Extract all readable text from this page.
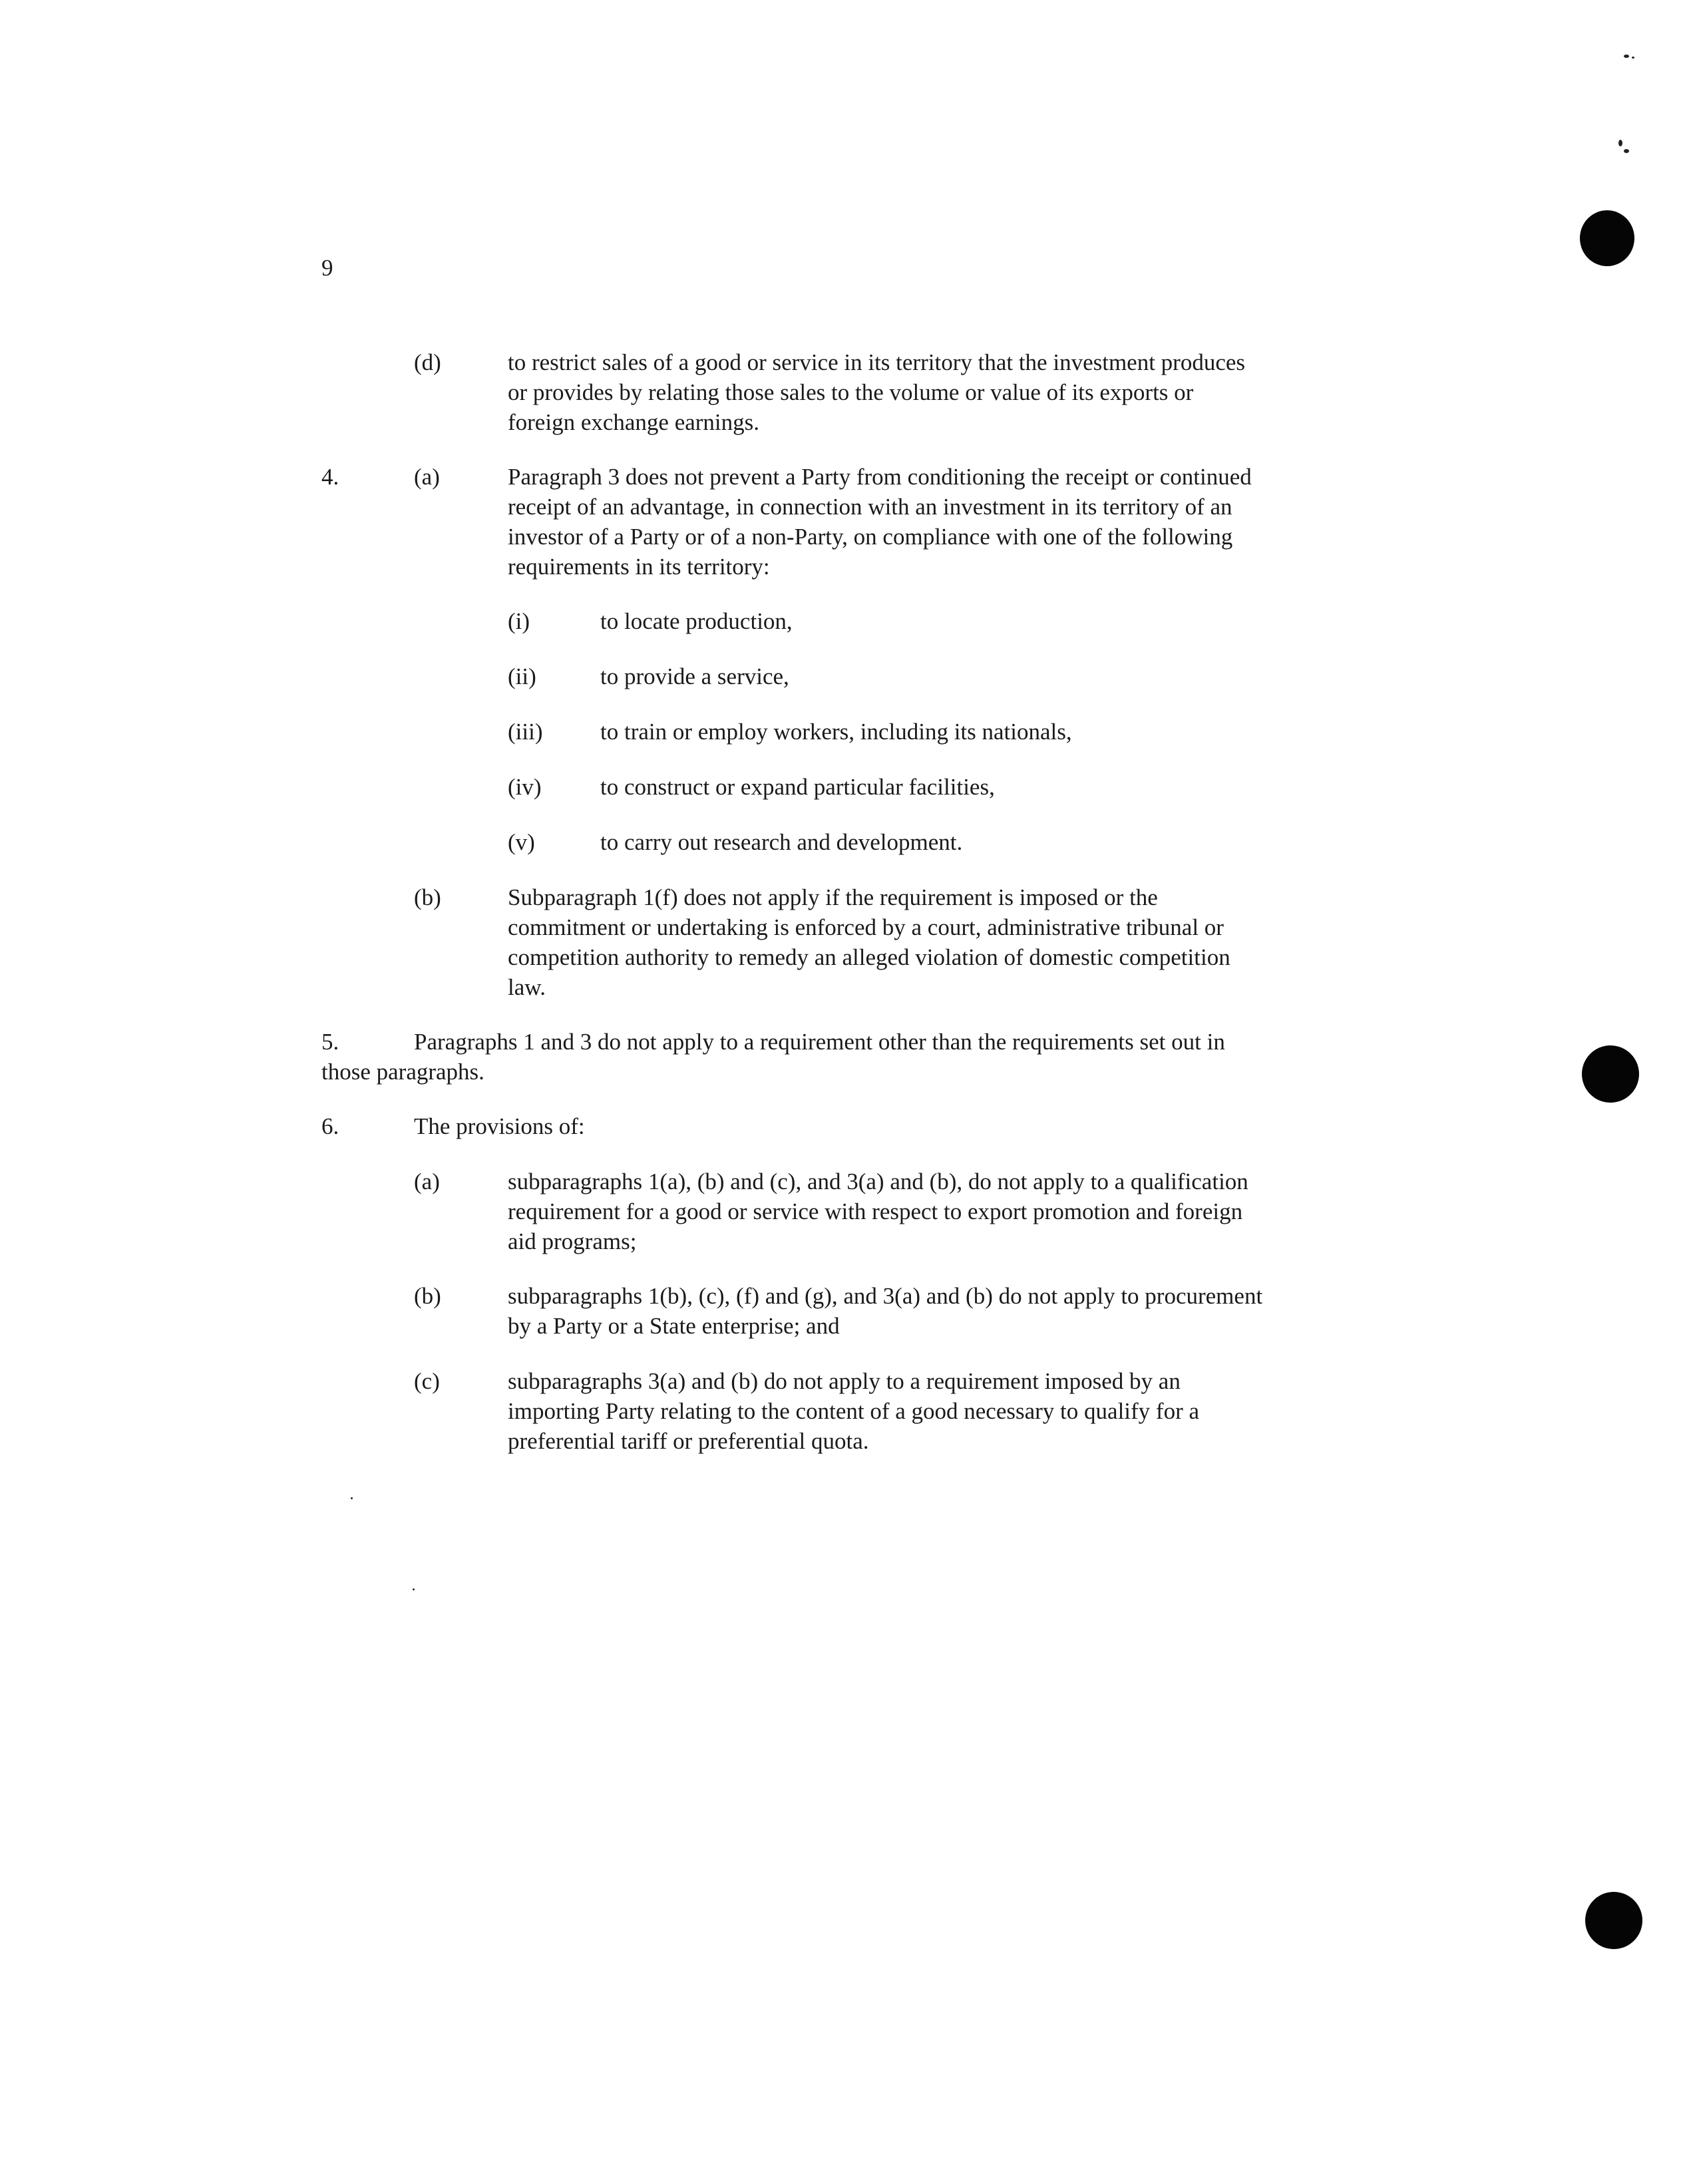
9
(d)	to restrict sales of a good or service in its territory that the investment produces
or provides by relating those sales to the volume or value of its exports or
foreign exchange earnings.
4.	(a)	Paragraph 3 does not prevent a Party from conditioning the receipt or continued
receipt of an advantage, in connection with an investment in its territory of an
investor of a Party or of a non-Party, on compliance with one of the following
requirements in its territory:
(i)	to locate production,
(ii)	to provide a service,
(iii) to train or employ workers, including its nationals,
(iv)	to construct or expand particular facilities,
(v)	to carry out research and development.
(b)	Subparagraph 1(f) does not apply if the requirement is imposed or the
commitment or undertaking is enforced by a court, administrative tribunal or
competition authority to remedy an alleged violation of domestic competition
law.
5.	Paragraphs 1 and 3 do not apply to a requirement other than the requirements set out in
those paragraphs.
6.	The provisions of:
(a)	subparagraphs 1(a), (b) and (c), and 3(a) and (b), do not apply to a qualification
requirement for a good or service with respect to export promotion and foreign
aid programs;
(b)	subparagraphs 1(b), (c), (f) and (g), and 3(a) and (b) do not apply to procurement
by a Party or a State enterprise; and
(c)	subparagraphs 3(a) and (b) do not apply to a requirement imposed by an
importing Party relating to the content of a good necessary to qualify for a
preferential tariff or preferential quota.
